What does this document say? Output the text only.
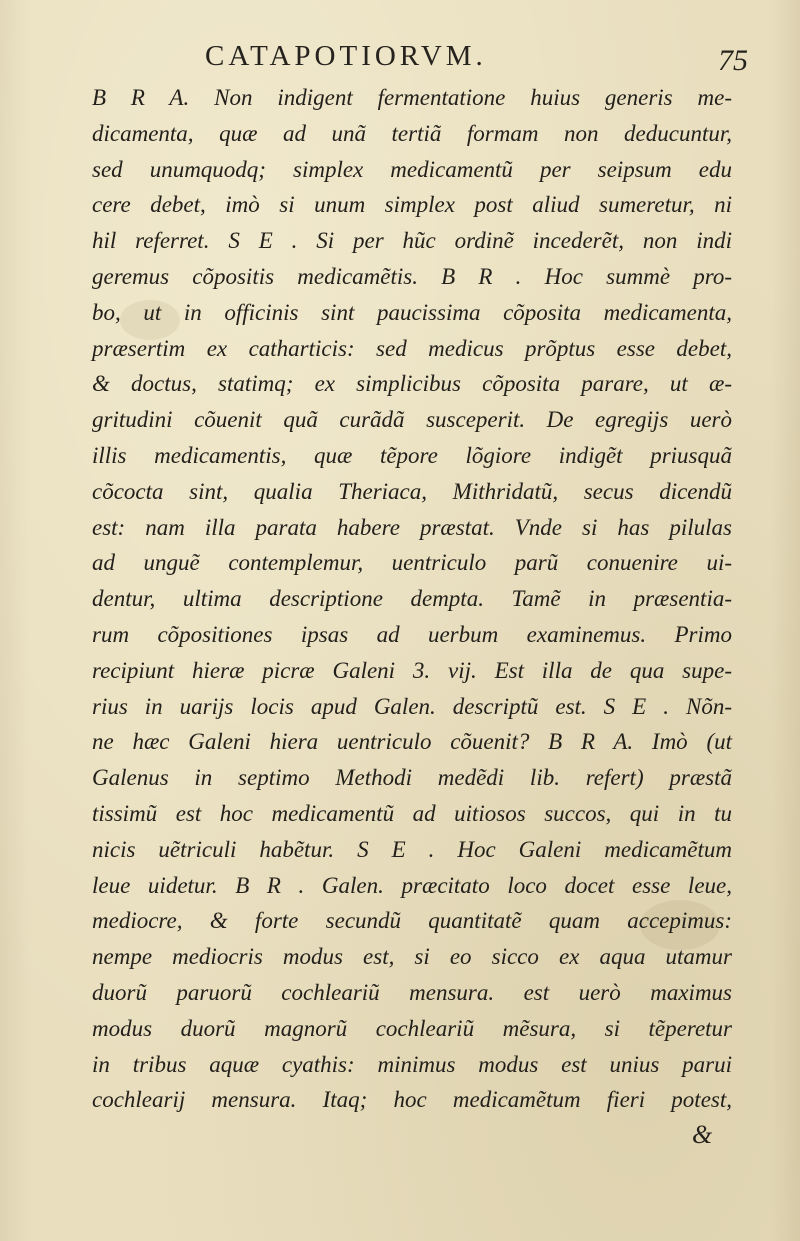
CATAPOTIORVM.	75
B R A. Non indigent fermentatione huius generis me-
dicamenta, quæ ad unã tertiã formam non deducuntur,
sed unumquodq; simplex medicamentũ per seipsum edu
cere debet, imò si unum simplex post aliud sumeretur, ni
hil referret. S E . Si per hũc ordinẽ incederẽt, non indi
geremus cõpositis medicamẽtis. B R . Hoc summè pro-
bo, ut in officinis sint paucissima cõposita medicamenta,
præsertim ex catharticis: sed medicus prõptus esse debet,
& doctus, statimq; ex simplicibus cõposita parare, ut æ-
gritudini cõuenit quã curãdã susceperit. De egregijs uerò
illis medicamentis, quæ tẽpore lõgiore indigẽt priusquã
cõcocta sint, qualia Theriaca, Mithridatũ, secus dicendũ
est: nam illa parata habere præstat. Vnde si has pilulas
ad unguẽ contemplemur, uentriculo parũ conuenire ui-
dentur, ultima descriptione dempta. Tamẽ in præsentia-
rum cõpositiones ipsas ad uerbum examinemus. Primo
recipiunt hieræ picræ Galeni 3. vij. Est illa de qua supe-
rius in uarijs locis apud Galen. descriptũ est. S E . Nõn-
ne hæc Galeni hiera uentriculo cõuenit? B R A. Imò (ut
Galenus in septimo Methodi medẽdi lib. refert) præstã
tissimũ est hoc medicamentũ ad uitiosos succos, qui in tu
nicis uẽtriculi habẽtur. S E . Hoc Galeni medicamẽtum
leue uidetur. B R . Galen. præcitato loco docet esse leue,
mediocre, & forte secundũ quantitatẽ quam accepimus:
nempe mediocris modus est, si eo sicco ex aqua utamur
duorũ paruorũ cochleariũ mensura. est uerò maximus
modus duorũ magnorũ cochleariũ mẽsura, si tẽperetur
in tribus aquæ cyathis: minimus modus est unius parui
cochlearij mensura. Itaq; hoc medicamẽtum fieri potest,
&
